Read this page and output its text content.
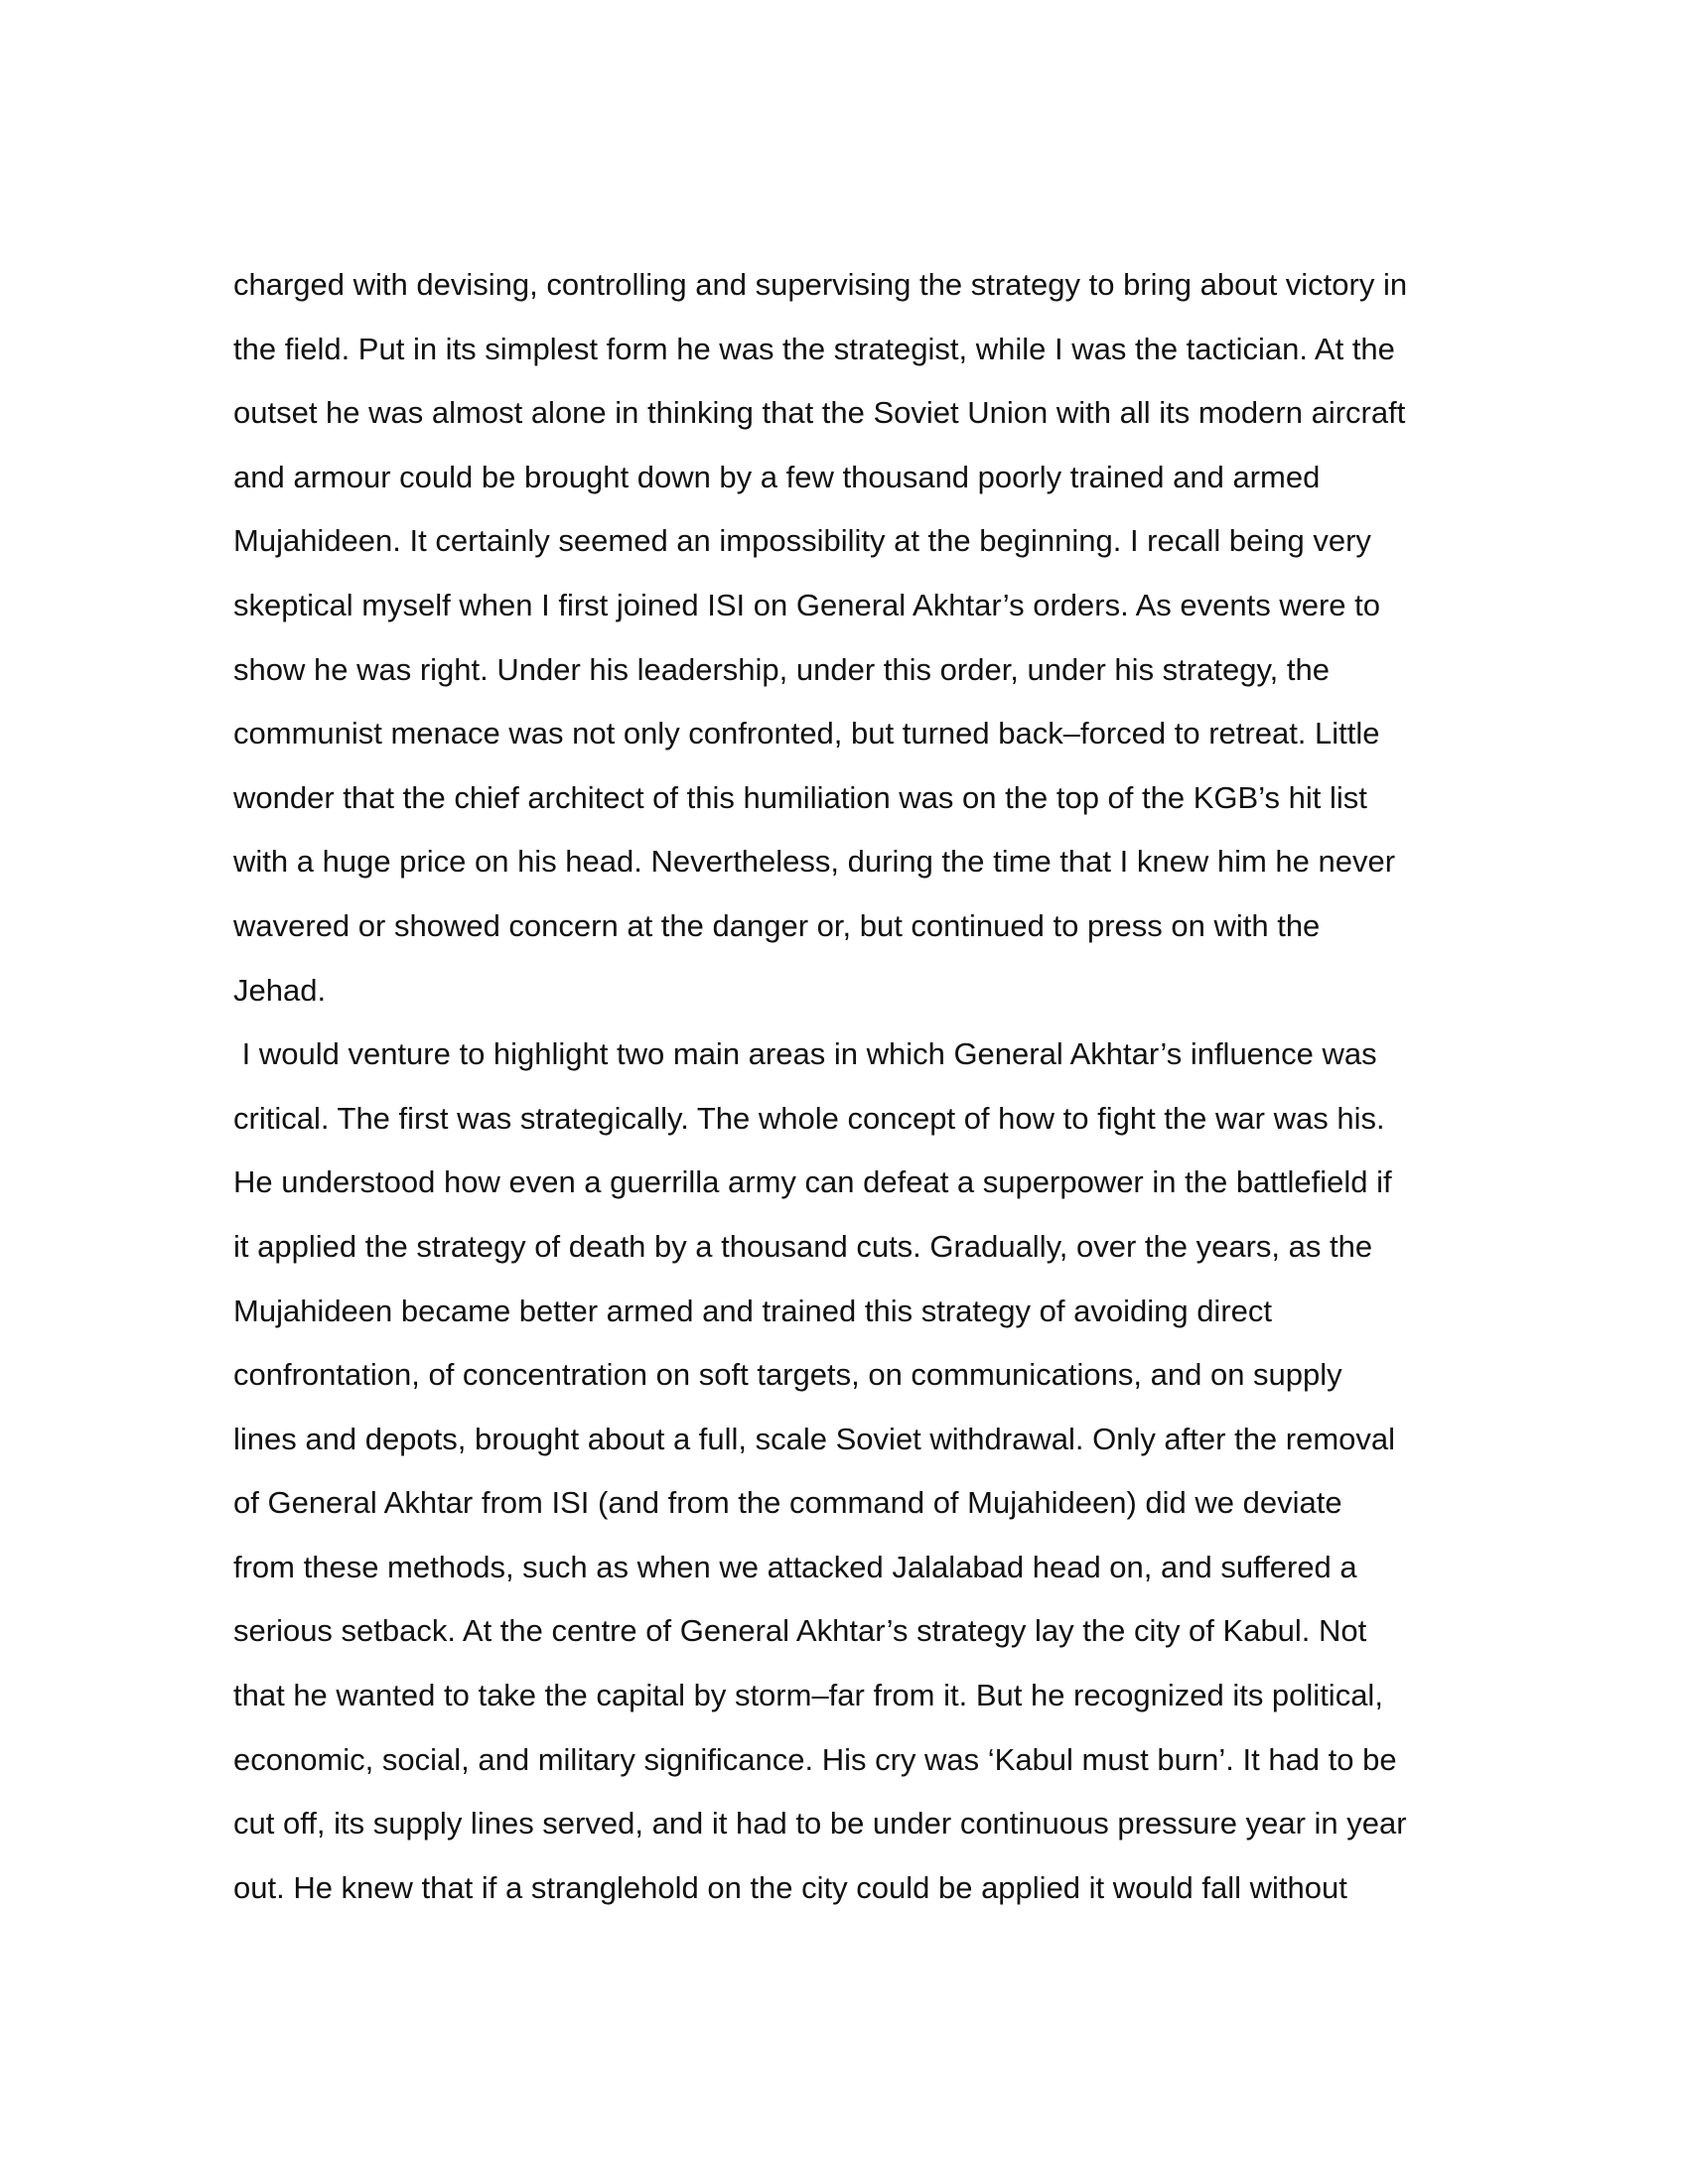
charged with devising, controlling and supervising the strategy to bring about victory in
the field. Put in its simplest form he was the strategist, while I was the tactician. At the
outset he was almost alone in thinking that the Soviet Union with all its modern aircraft
and armour could be brought down by a few thousand poorly trained and armed
Mujahideen. It certainly seemed an impossibility at the beginning. I recall being very
skeptical myself when I first joined ISI on General Akhtar’s orders. As events were to
show he was right. Under his leadership, under this order, under his strategy, the
communist menace was not only confronted, but turned back–forced to retreat. Little
wonder that the chief architect of this humiliation was on the top of the KGB’s hit list
with a huge price on his head. Nevertheless, during the time that I knew him he never
wavered or showed concern at the danger or, but continued to press on with the
Jehad.
I would venture to highlight two main areas in which General Akhtar’s influence was
critical. The first was strategically. The whole concept of how to fight the war was his.
He understood how even a guerrilla army can defeat a superpower in the battlefield if
it applied the strategy of death by a thousand cuts. Gradually, over the years, as the
Mujahideen became better armed and trained this strategy of avoiding direct
confrontation, of concentration on soft targets, on communications, and on supply
lines and depots, brought about a full, scale Soviet withdrawal. Only after the removal
of General Akhtar from ISI (and from the command of Mujahideen) did we deviate
from these methods, such as when we attacked Jalalabad head on, and suffered a
serious setback. At the centre of General Akhtar’s strategy lay the city of Kabul. Not
that he wanted to take the capital by storm–far from it. But he recognized its political,
economic, social, and military significance. His cry was ‘Kabul must burn’. It had to be
cut off, its supply lines served, and it had to be under continuous pressure year in year
out. He knew that if a stranglehold on the city could be applied it would fall without
